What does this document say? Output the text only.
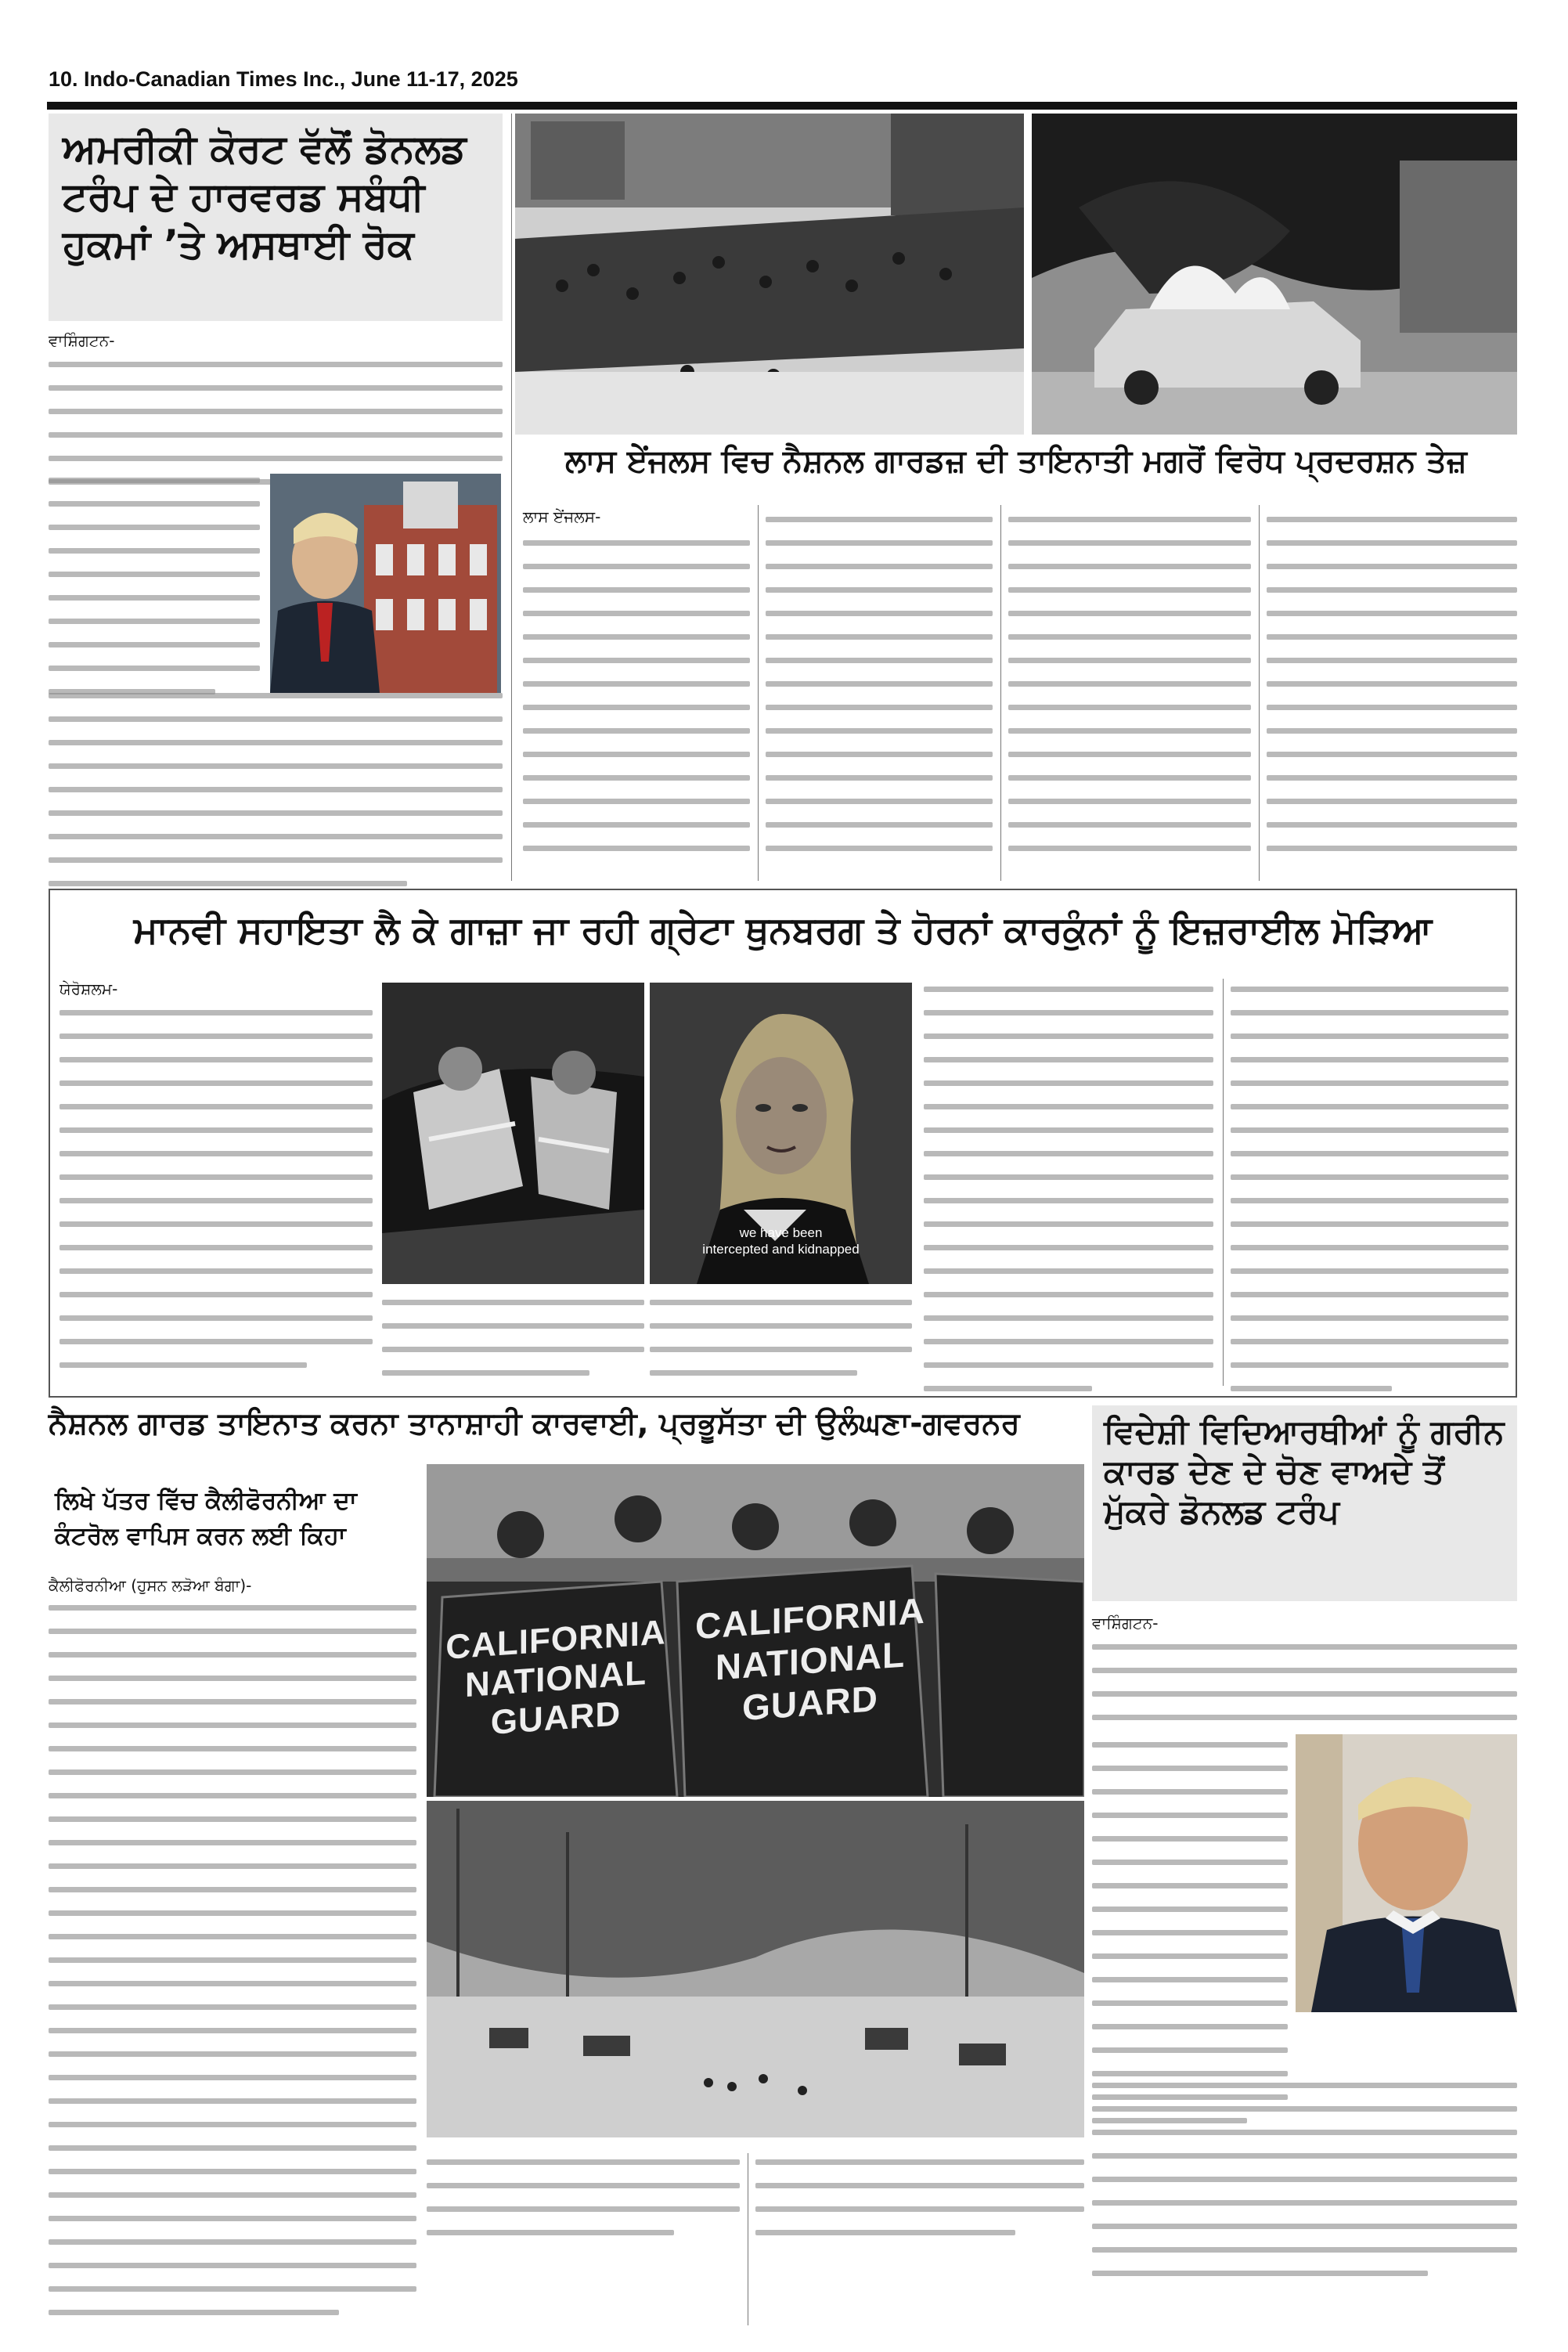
10. Indo-Canadian Times Inc., June 11-17, 2025
ਅਮਰੀਕੀ ਕੋਰਟ ਵੱਲੋਂ ਡੋਨਲਡ ਟਰੰਪ ਦੇ ਹਾਰਵਰਡ ਸਬੰਧੀ ਹੁਕਮਾਂ ’ਤੇ ਅਸਥਾਈ ਰੋਕ
ਵਾਸ਼ਿੰਗਟਨ-
ਲਾਸ ਏਂਜਲਸ ਵਿਚ ਨੈਸ਼ਨਲ ਗਾਰਡਜ਼ ਦੀ ਤਾਇਨਾਤੀ ਮਗਰੋਂ ਵਿਰੋਧ ਪ੍ਰਦਰਸ਼ਨ ਤੇਜ਼
ਲਾਸ ਏਂਜਲਸ-
ਮਾਨਵੀ ਸਹਾਇਤਾ ਲੈ ਕੇ ਗਾਜ਼ਾ ਜਾ ਰਹੀ ਗ੍ਰੇਟਾ ਥੁਨਬਰਗ ਤੇ ਹੋਰਨਾਂ ਕਾਰਕੁੰਨਾਂ ਨੂੰ ਇਜ਼ਰਾਈਲ ਮੋੜਿਆ
ਯੇਰੋਸ਼ਲਮ-
we have been
intercepted and kidnapped
ਨੈਸ਼ਨਲ ਗਾਰਡ ਤਾਇਨਾਤ ਕਰਨਾ ਤਾਨਾਸ਼ਾਹੀ ਕਾਰਵਾਈ, ਪ੍ਰਭੂਸੱਤਾ ਦੀ ਉਲੰਘਣਾ-ਗਵਰਨਰ
ਲਿਖੇ ਪੱਤਰ ਵਿੱਚ ਕੈਲੀਫੋਰਨੀਆ ਦਾ ਕੰਟਰੋਲ ਵਾਪਿਸ ਕਰਨ ਲਈ ਕਿਹਾ
ਕੈਲੀਫੋਰਨੀਆ (ਹੁਸਨ ਲੜੋਆ ਬੰਗਾ)-
CALIFORNIA
NATIONAL GUARD
CALIFORNIA
NATIONAL GUARD
ਵਿਦੇਸ਼ੀ ਵਿਦਿਆਰਥੀਆਂ ਨੂੰ ਗਰੀਨ ਕਾਰਡ ਦੇਣ ਦੇ ਚੋਣ ਵਾਅਦੇ ਤੋਂ ਮੁੱਕਰੇ ਡੋਨਲਡ ਟਰੰਪ
ਵਾਸ਼ਿੰਗਟਨ-
